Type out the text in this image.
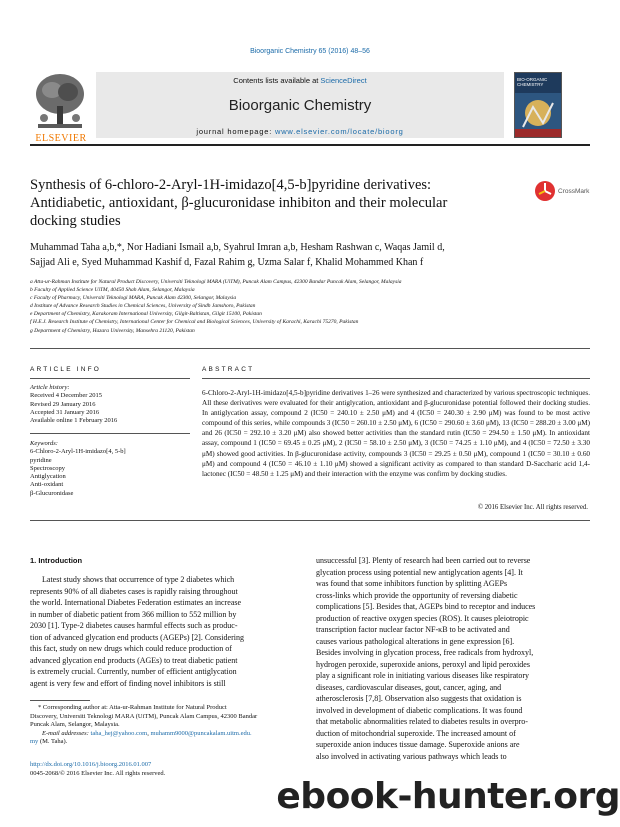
Bioorganic Chemistry 65 (2016) 48–56
ELSEVIER
Contents lists available at ScienceDirect
Bioorganic Chemistry
journal homepage: www.elsevier.com/locate/bioorg
BIO-ORGANIC CHEMISTRY
Synthesis of 6-chloro-2-Aryl-1H-imidazo[4,5-b]pyridine derivatives:
Antidiabetic, antioxidant, β-glucuronidase inhibiton and their molecular
docking studies
CrossMark
Muhammad Taha a,b,*, Nor Hadiani Ismail a,b, Syahrul Imran a,b, Hesham Rashwan c, Waqas Jamil d,
Sajjad Ali e, Syed Muhammad Kashif d, Fazal Rahim g, Uzma Salar f, Khalid Mohammed Khan f
a Atta-ur-Rahman Institute for Natural Product Discovery, Universiti Teknologi MARA (UiTM), Puncak Alam Campus, 42300 Bandar Puncak Alam, Selangor, Malaysia
b Faculty of Applied Science UiTM, 40450 Shah Alam, Selangor, Malaysia
c Faculty of Pharmacy, Universiti Teknologi MARA, Puncak Alam 42300, Selangor, Malaysia
d Institute of Advance Research Studies in Chemical Sciences, University of Sindh Jamshoro, Pakistan
e Department of Chemistry, Karakoram International University, Gilgit-Baltistan, Gilgit 15100, Pakistan
f H.E.J. Research Institute of Chemistry, International Center for Chemical and Biological Sciences, University of Karachi, Karachi 75270, Pakistan
g Department of Chemistry, Hazara University, Mansehra 21120, Pakistan
ARTICLE INFO	ABSTRACT
Article history:
Received 4 December 2015
Revised 29 January 2016
Accepted 31 January 2016
Available online 1 February 2016
Keywords:
6-Chloro-2-Aryl-1H-imidazo[4, 5-b]
pyridine
Spectroscopy
Antiglycation
Anti-oxidant
β-Glucuronidase
6-Chloro-2-Aryl-1H-imidazo[4,5-b]pyridine derivatives 1–26 were synthesized and characterized by various spectroscopic techniques. All these derivatives were evaluated for their antiglycation, antioxidant and β-glucuronidase potential followed their docking studies. In antiglycation assay, compound 2 (IC50 = 240.10 ± 2.50 μM) and 4 (IC50 = 240.30 ± 2.90 μM) was found to be most active compound of this series, while compounds 3 (IC50 = 260.10 ± 2.50 μM), 6 (IC50 = 290.60 ± 3.60 μM), 13 (IC50 = 288.20 ± 3.00 μM) and 26 (IC50 = 292.10 ± 3.20 μM) also showed better activities than the standard rutin (IC50 = 294.50 ± 1.50 μM). In antioxidant assay, compound 1 (IC50 = 69.45 ± 0.25 μM), 2 (IC50 = 58.10 ± 2.50 μM), 3 (IC50 = 74.25 ± 1.10 μM), and 4 (IC50 = 72.50 ± 3.30 μM) showed good activities. In β-glucuronidase activity, compounds 3 (IC50 = 29.25 ± 0.50 μM), compound 1 (IC50 = 30.10 ± 0.60 μM) and compound 4 (IC50 = 46.10 ± 1.10 μM) showed a significant activity as compared to than standard D-Saccharic acid 1,4-lactonec (IC50 = 48.50 ± 1.25 μM) and their interaction with the enzyme was confirm by docking studies.
© 2016 Elsevier Inc. All rights reserved.
1. Introduction
Latest study shows that occurrence of type 2 diabetes which
represents 90% of all diabetes cases is rapidly raising throughout
the world. International Diabetes Federation estimates an increase
in number of diabetic patient from 366 million to 552 million by
2030 [1]. Type-2 diabetes causes harmful effects such as produc-
tion of advanced glycation end products (AGEPs) [2]. Considering
this fact, study on new drugs which could reduce production of
advanced glycation end products (AGEs) to treat diabetic patient
is extremely crucial. Currently, number of efficient antiglycation
agent is very few and effort of finding novel inhibitors is still
unsuccessful [3]. Plenty of research had been carried out to reverse
glycation process using potential new antiglycation agents [4]. It
was found that some inhibitors function by splitting AGEPs
cross-links which provide the opportunity of reversing diabetic
complications [5]. Besides that, AGEPs bind to receptor and induces
production of reactive oxygen species (ROS). It causes pleiotropic
transcription factor nuclear factor NF-κB to be activated and
causes various pathological alterations in gene expression [6].
Besides involving in glycation process, free radicals from hydroxyl,
hydrogen peroxide, superoxide anions, peroxyl and lipid peroxides
play a significant role in initiating various diseases like respiratory
diseases, cardiovascular diseases, gout, cancer, aging, and
atherosclerosis [7,8]. Observation also suggests that oxidation is
involved in development of diabetic complications. It was found
that metabolic abnormalities related to diabetes results in overpro-
duction of mitochondrial superoxide. The increased amount of
superoxide anion induces tissue damage. Superoxide anions are
also involved in activating various pathways which leads to
* Corresponding author at: Atta-ur-Rahman Institute for Natural Product
Discovery, Universiti Teknologi MARA (UiTM), Puncak Alam Campus, 42300 Bandar
Puncak Alam, Selangor, Malaysia.
E-mail addresses: taha_hej@yahoo.com, muhamm9000@puncakalam.uitm.edu.
my (M. Taha).
http://dx.doi.org/10.1016/j.bioorg.2016.01.007
0045-2068/© 2016 Elsevier Inc. All rights reserved.
ebook-hunter.org
